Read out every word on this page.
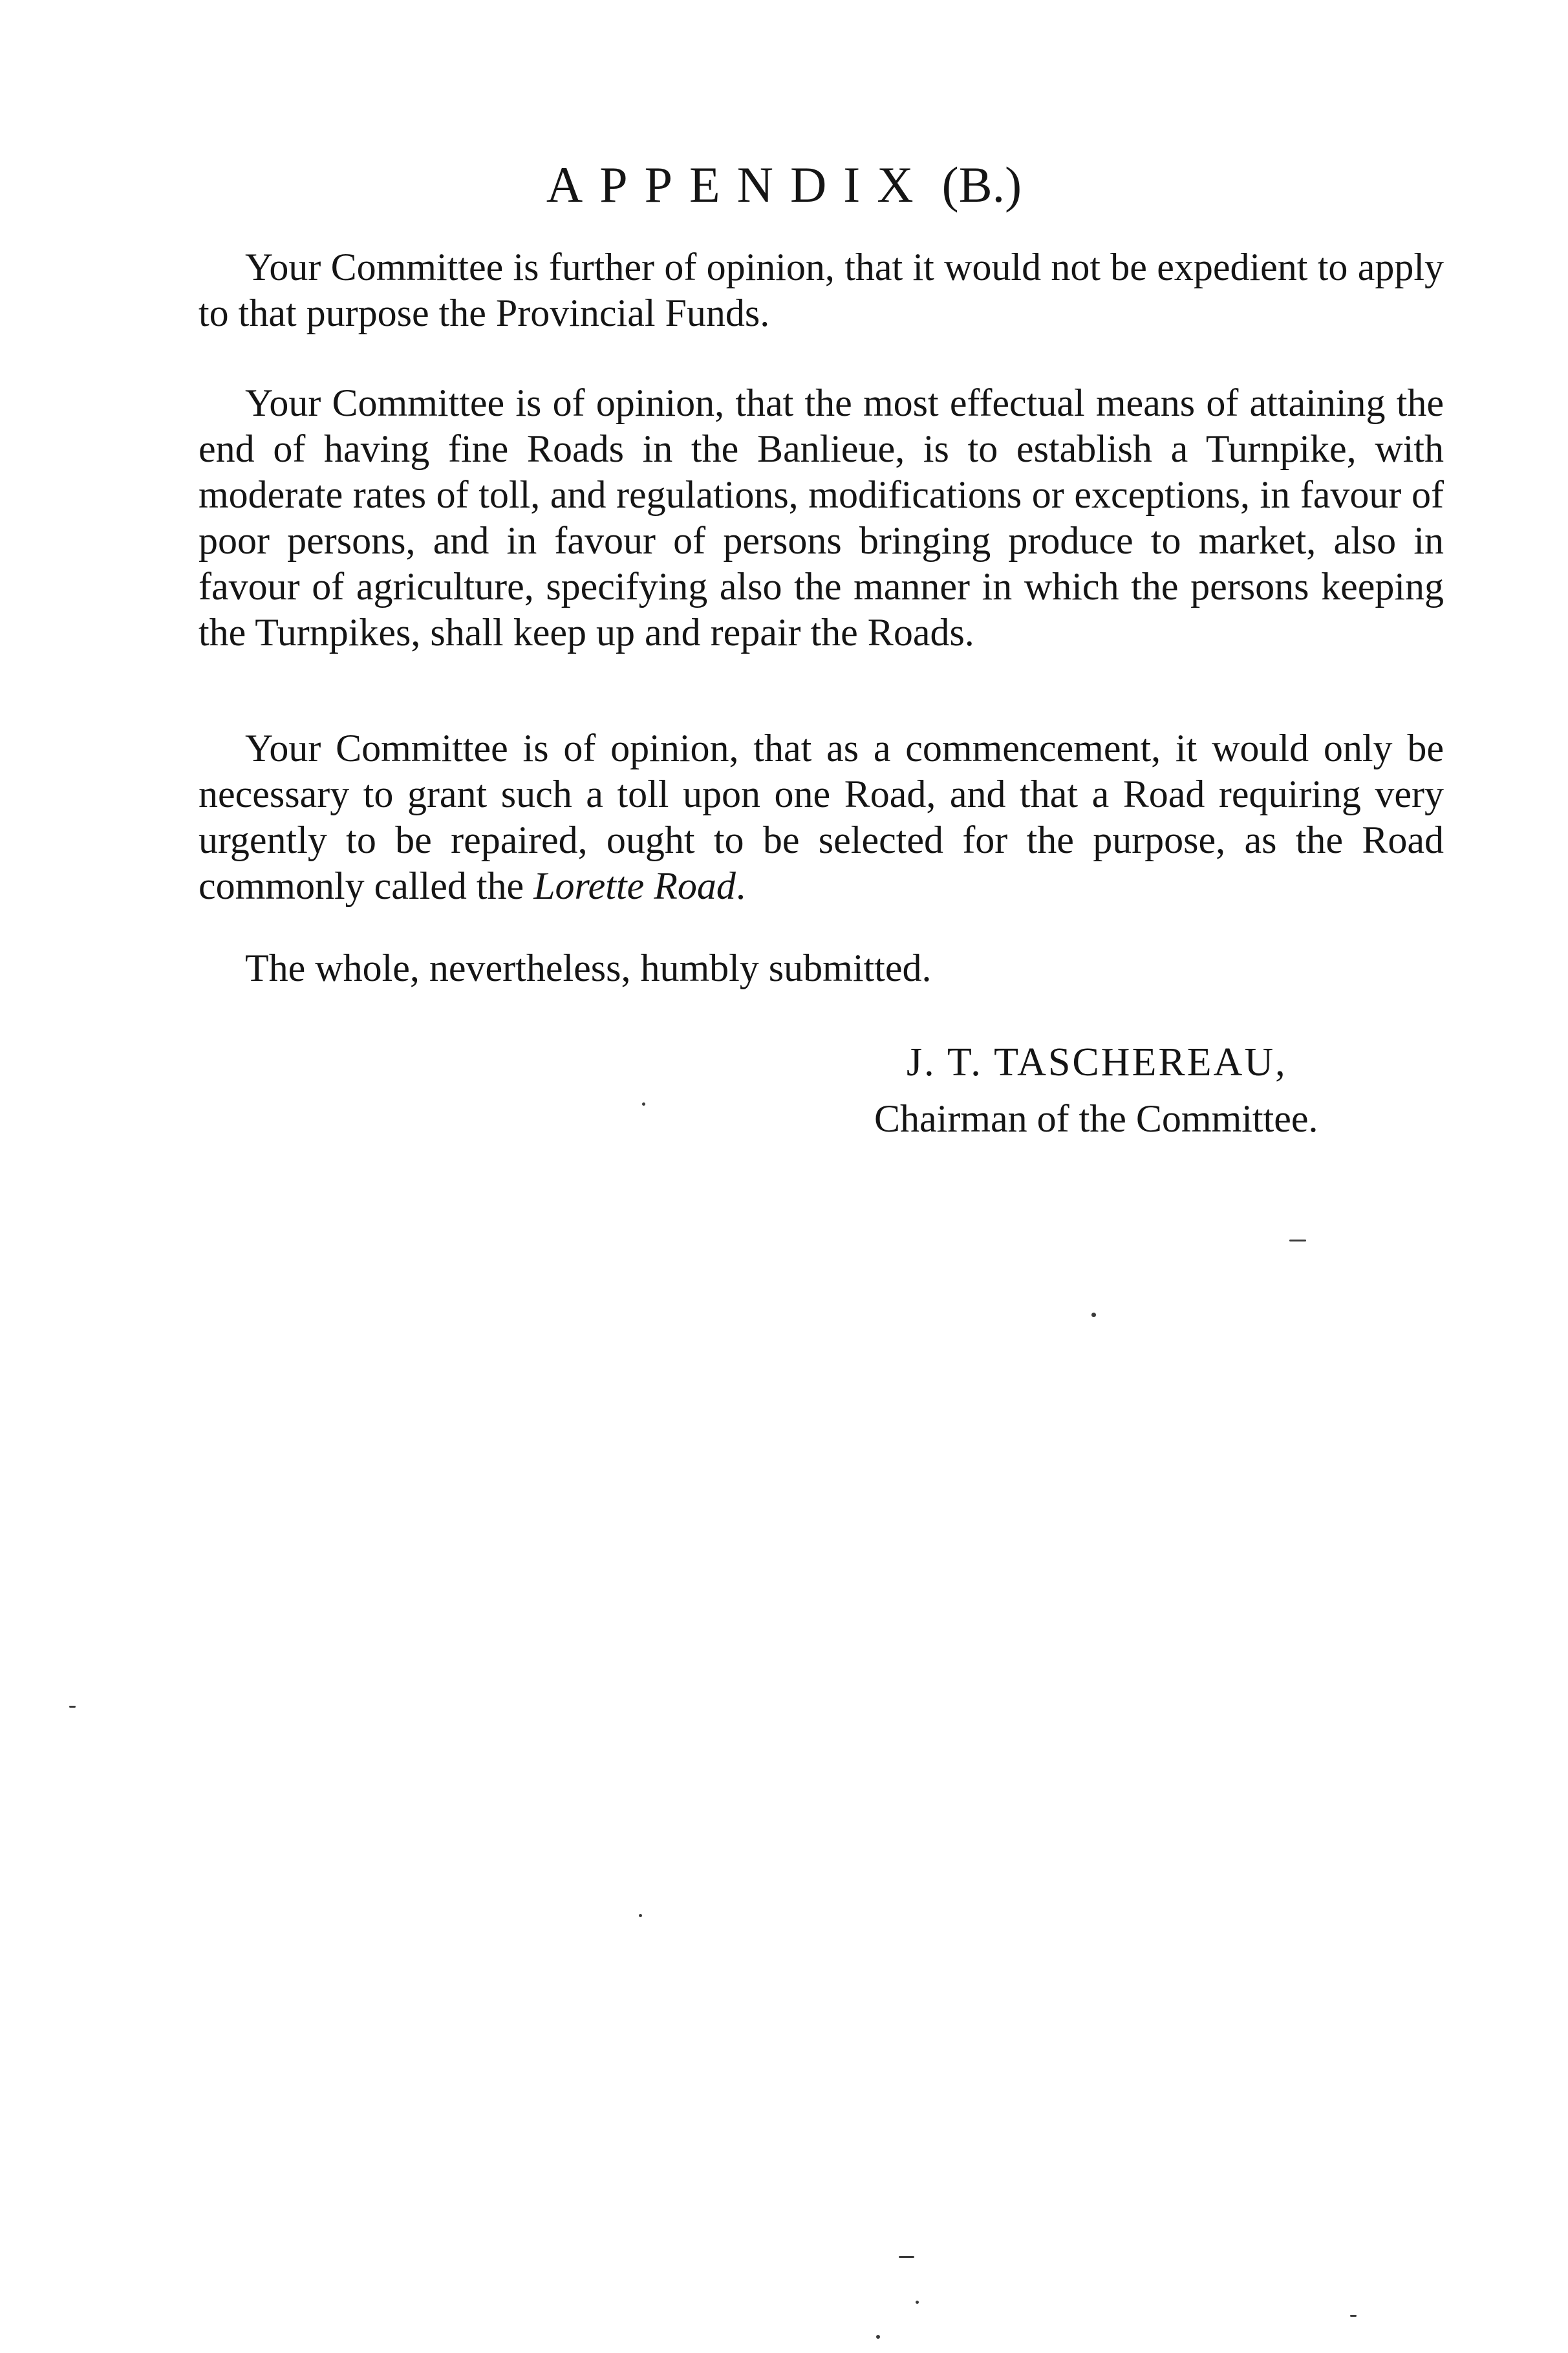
APPENDIX (B.)

Your Committee is further of opinion, that it would not be expedient to apply to that purpose the Provincial Funds.

Your Committee is of opinion, that the most effectual means of attaining the end of having fine Roads in the Banlieue, is to establish a Turnpike, with moderate rates of toll, and regulations, modifications or exceptions, in favour of poor persons, and in favour of persons bringing produce to market, also in favour of agriculture, specifying also the manner in which the persons keeping the Turnpikes, shall keep up and repair the Roads.

Your Committee is of opinion, that as a commencement, it would only be necessary to grant such a toll upon one Road, and that a Road requiring very urgently to be repaired, ought to be selected for the purpose, as the Road commonly called the Lorette Road.

The whole, nevertheless, humbly submitted.

J. T. TASCHEREAU,
Chairman of the Committee.
